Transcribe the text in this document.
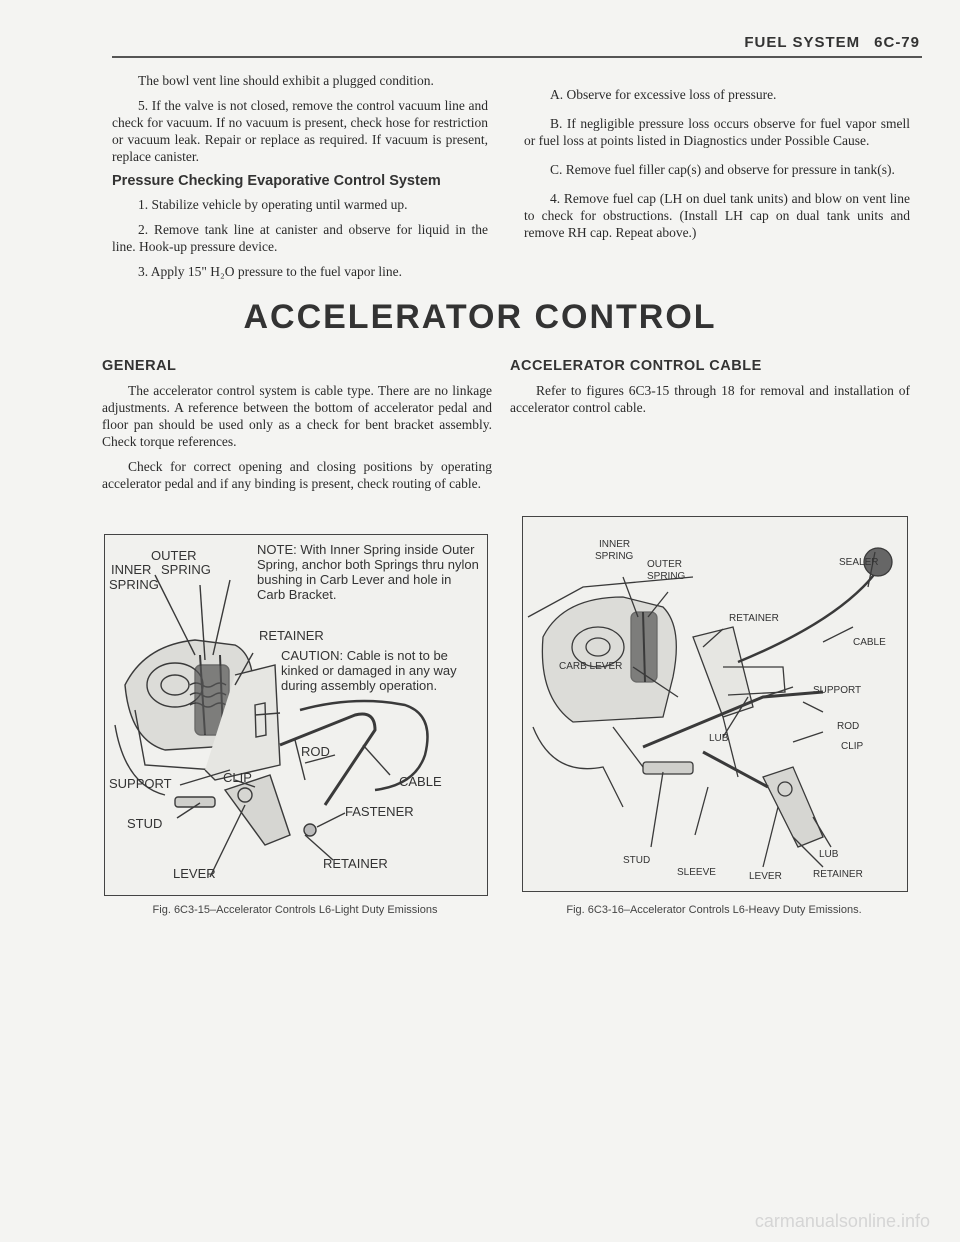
FUEL SYSTEM 6C-79

The bowl vent line should exhibit a plugged condition.

5. If the valve is not closed, remove the control vacuum line and check for vacuum. If no vacuum is present, check hose for restriction or vacuum leak. Repair or replace as required. If vacuum is present, replace canister.

Pressure Checking Evaporative Control System

1. Stabilize vehicle by operating until warmed up.

2. Remove tank line at canister and observe for liquid in the line. Hook-up pressure device.

3. Apply 15" H₂O pressure to the fuel vapor line.

A. Observe for excessive loss of pressure.

B. If negligible pressure loss occurs observe for fuel vapor smell or fuel loss at points listed in Diagnostics under Possible Cause.

C. Remove fuel filler cap(s) and observe for pressure in tank(s).

4. Remove fuel cap (LH on duel tank units) and blow on vent line to check for obstructions. (Install LH cap on dual tank units and remove RH cap. Repeat above.)

ACCELERATOR CONTROL
GENERAL

The accelerator control system is cable type. There are no linkage adjustments. A reference between the bottom of accelerator pedal and floor pan should be used only as a check for bent bracket assembly. Check torque references.

Check for correct opening and closing positions by operating accelerator pedal and if any binding is present, check routing of cable.

ACCELERATOR CONTROL CABLE

Refer to figures 6C3-15 through 18 for removal and installation of accelerator control cable.

OUTER
SPRING
INNER
SPRING
NOTE: With Inner Spring inside Outer Spring, anchor both Springs thru nylon bushing in Carb Lever and hole in Carb Bracket.
RETAINER
CAUTION: Cable is not to be kinked or damaged in any way during assembly operation.
ROD
CLIP
SUPPORT	CABLE
STUD
FASTENER
LEVER
RETAINER
Fig. 6C3-15–Accelerator Controls L6-Light Duty Emissions
INNER
SPRING
OUTER SPRING
SEALER
RETAINER
CABLE
CARB LEVER
SUPPORT
ROD
CLIP
LUB
STUD
SLEEVE
LUB
LEVER	RETAINER
Fig. 6C3-16–Accelerator Controls L6-Heavy Duty Emissions.
carmanualsonline.info
